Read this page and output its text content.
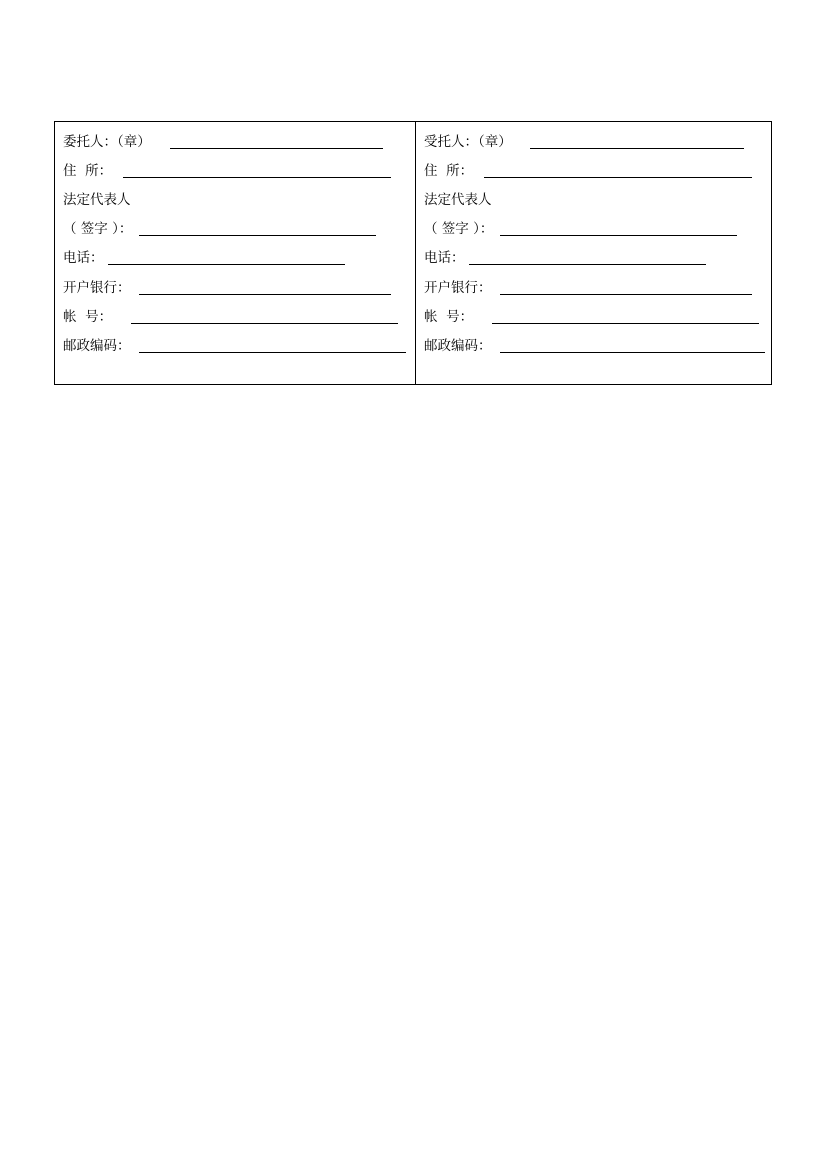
委托人：（章）
住  所：
法定代表人
（ 签字 ）：
电话：
开户银行：
帐  号：
邮政编码：
受托人：（章）
住  所：
法定代表人
（ 签字 ）：
电话：
开户银行：
帐  号：
邮政编码：
